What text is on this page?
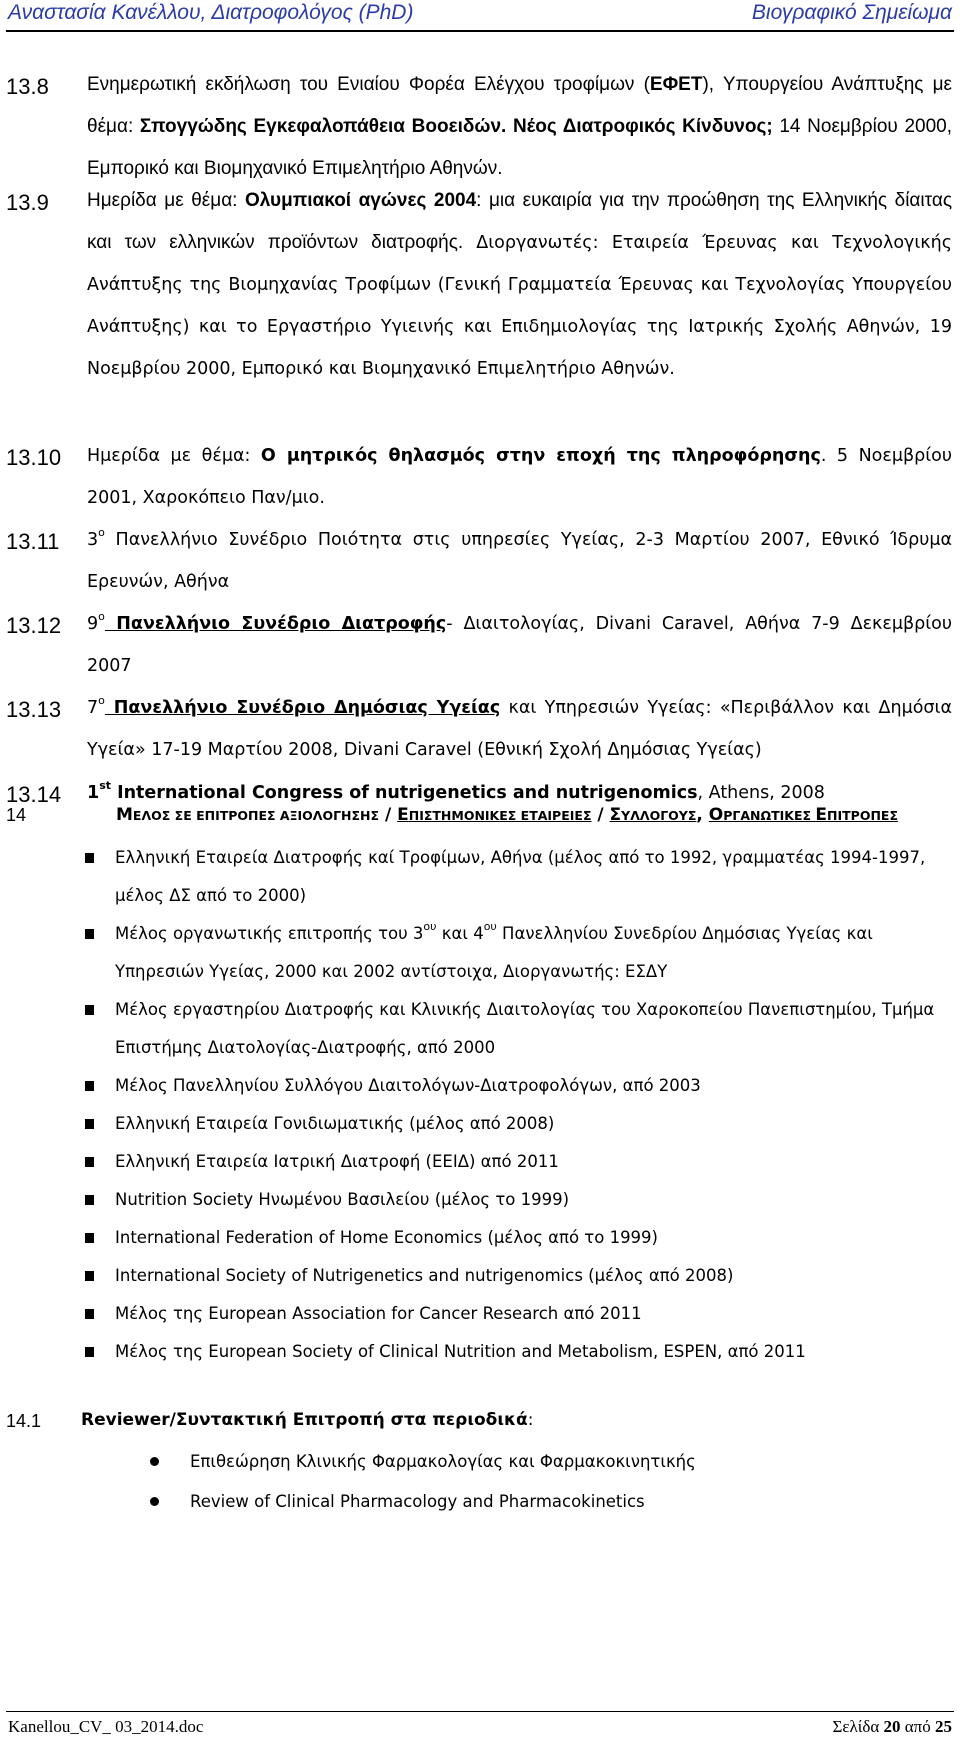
Αναστασία Κανέλλου, Διατροφολόγος (PhD)	Βιογραφικό Σημείωμα
13.8 Ενημερωτική εκδήλωση του Ενιαίου Φορέα Ελέγχου τροφίμων (ΕΦΕΤ), Υπουργείου Ανάπτυξης με θέμα: Σπογγώδης Εγκεφαλοπάθεια Βοοειδών. Νέος Διατροφικός Κίνδυνος; 14 Νοεμβρίου 2000, Εμπορικό και Βιομηχανικό Επιμελητήριο Αθηνών.
13.9 Ημερίδα με θέμα: Ολυμπιακοί αγώνες 2004: μια ευκαιρία για την προώθηση της Ελληνικής δίαιτας και των ελληνικών προϊόντων διατροφής. Διοργανωτές: Εταιρεία Έρευνας και Τεχνολογικής Ανάπτυξης της Βιομηχανίας Τροφίμων (Γενική Γραμματεία Έρευνας και Τεχνολογίας Υπουργείου Ανάπτυξης) και το Εργαστήριο Υγιεινής και Επιδημιολογίας της Ιατρικής Σχολής Αθηνών, 19 Νοεμβρίου 2000, Εμπορικό και Βιομηχανικό Επιμελητήριο Αθηνών.
13.10 Ημερίδα με θέμα: Ο μητρικός θηλασμός στην εποχή της πληροφόρησης. 5 Νοεμβρίου 2001, Χαροκόπειο Παν/μιο.
13.11 $3^o$ Πανελλήνιο Συνέδριο Ποιότητα στις υπηρεσίες Υγείας, 2-3 Μαρτίου 2007, Εθνικό Ίδρυμα Ερευνών, Αθήνα
13.12 $9^o$ Πανελλήνιο Συνέδριο Διατροφής- Διαιτολογίας, Divani Caravel, Αθήνα 7-9 Δεκεμβρίου 2007
13.13 $7^o$ Πανελλήνιο Συνέδριο Δημόσιας Υγείας και Υπηρεσιών Υγείας: «Περιβάλλον και Δημόσια Υγεία» 17-19 Μαρτίου 2008, Divani Caravel (Εθνική Σχολή Δημόσιας Υγείας)
13.14 1st International Congress of nutrigenetics and nutrigenomics, Athens, 2008
14	ΜΕΛΟΣ ΣΕ ΕΠΙΤΡΟΠΕΣ ΑΞΙΟΛΟΓΗΣΗΣ / ΕΠΙΣΤΗΜΟΝΙΚΕΣ ΕΤΑΙΡΕΙΕΣ / ΣΥΛΛΟΓΟΥΣ, ΟΡΓΑΝΩΤΙΚΕΣ ΕΠΙΤΡΟΠΕΣ
Ελληνική Εταιρεία Διατροφής καί Τροφίμων, Αθήνα (μέλος από το 1992, γραμματέας 1994-1997, μέλος ΔΣ από το 2000)
Μέλος οργανωτικής επιτροπής του $3^{o\upsilon}$ και $4^{o\upsilon}$ Πανελληνίου Συνεδρίου Δημόσιας Υγείας και Υπηρεσιών Υγείας, 2000 και 2002 αντίστοιχα, Διοργανωτής: ΕΣΔΥ
Μέλος εργαστηρίου Διατροφής και Κλινικής Διαιτολογίας του Χαροκοπείου Πανεπιστημίου, Τμήμα Επιστήμης Διατολογίας-Διατροφής, από 2000
Μέλος Πανελληνίου Συλλόγου Διαιτολόγων-Διατροφολόγων, από 2003
Ελληνική Εταιρεία Γονιδιωματικής (μέλος από 2008)
Ελληνική Εταιρεία Ιατρική Διατροφή (ΕΕΙΔ) από 2011
Nutrition Society Ηνωμένου Βασιλείου (μέλος το 1999)
International Federation of Home Economics (μέλος από το 1999)
International Society of Nutrigenetics and nutrigenomics (μέλος από 2008)
Μέλος της European Association for Cancer Research από 2011
Μέλος της European Society of Clinical Nutrition and Metabolism, ESPEN, από 2011
14.1 Reviewer/Συντακτική Επιτροπή στα περιοδικά:
Επιθεώρηση Κλινικής Φαρμακολογίας και Φαρμακοκινητικής
Review of Clinical Pharmacology and Pharmacokinetics
Kanellou_CV_ 03_2014.doc	Σελίδα 20 από 25
